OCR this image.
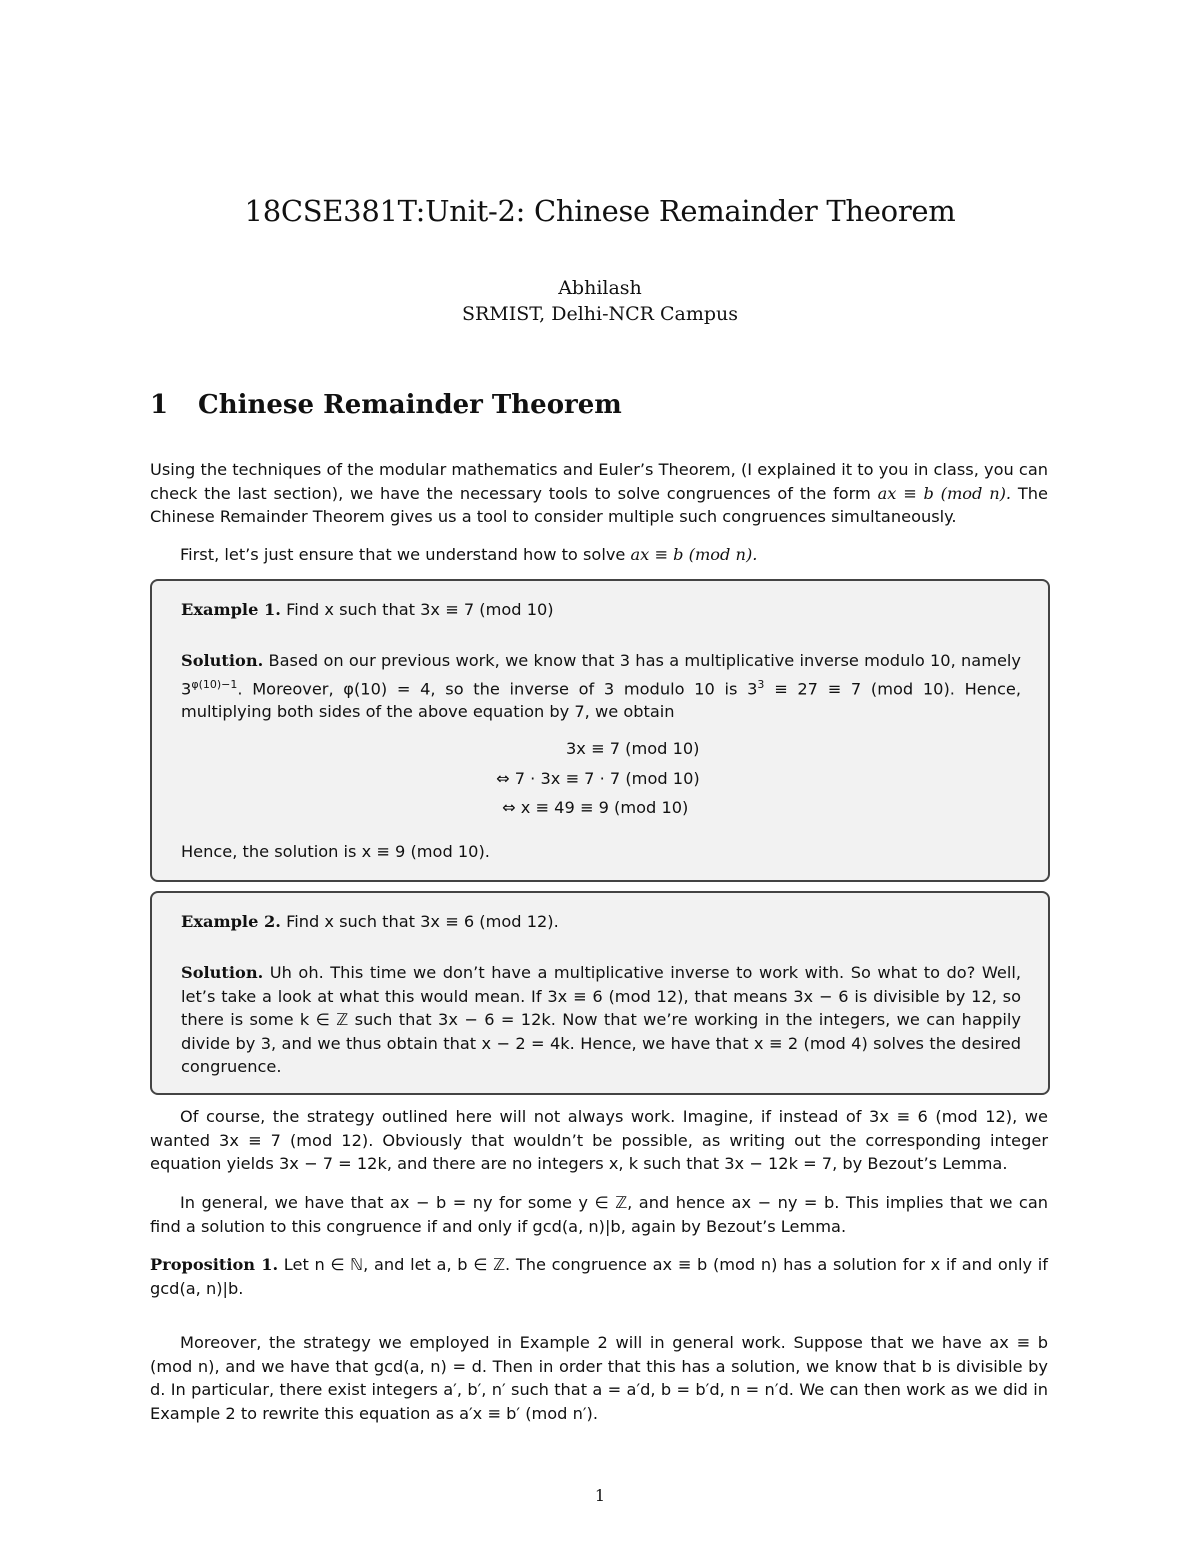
18CSE381T:Unit-2: Chinese Remainder Theorem
Abhilash
SRMIST, Delhi-NCR Campus
1 Chinese Remainder Theorem
Using the techniques of the modular mathematics and Euler’s Theorem, (I explained it to you in class, you can check the last section), we have the necessary tools to solve congruences of the form ax ≡ b (mod n). The Chinese Remainder Theorem gives us a tool to consider multiple such congruences simultaneously.
First, let’s just ensure that we understand how to solve ax ≡ b (mod n).
Example 1. Find x such that 3x ≡ 7 (mod 10)
Solution. Based on our previous work, we know that 3 has a multiplicative inverse modulo 10, namely $3^{\varphi(10)-1}$. Moreover, φ(10) = 4, so the inverse of 3 modulo 10 is $3^3 \equiv 27 \equiv 7$ (mod 10). Hence, multiplying both sides of the above equation by 7, we obtain
3x ≡ 7 (mod 10)
⇔ 7 · 3x ≡ 7 · 7 (mod 10)
⇔ x ≡ 49 ≡ 9 (mod 10)
Hence, the solution is x ≡ 9 (mod 10).
Example 2. Find x such that 3x ≡ 6 (mod 12).
Solution. Uh oh. This time we don’t have a multiplicative inverse to work with. So what to do? Well, let’s take a look at what this would mean. If 3x ≡ 6 (mod 12), that means 3x − 6 is divisible by 12, so there is some k ∈ ℤ such that 3x − 6 = 12k. Now that we’re working in the integers, we can happily divide by 3, and we thus obtain that x − 2 = 4k. Hence, we have that x ≡ 2 (mod 4) solves the desired congruence.
Of course, the strategy outlined here will not always work. Imagine, if instead of 3x ≡ 6 (mod 12), we wanted 3x ≡ 7 (mod 12). Obviously that wouldn’t be possible, as writing out the corresponding integer equation yields 3x − 7 = 12k, and there are no integers x, k such that 3x − 12k = 7, by Bezout’s Lemma.
In general, we have that ax − b = ny for some y ∈ ℤ, and hence ax − ny = b. This implies that we can find a solution to this congruence if and only if gcd(a, n)|b, again by Bezout’s Lemma.
Proposition 1. Let n ∈ ℕ, and let a, b ∈ ℤ. The congruence ax ≡ b (mod n) has a solution for x if and only if gcd(a, n)|b.
Moreover, the strategy we employed in Example 2 will in general work. Suppose that we have ax ≡ b (mod n), and we have that gcd(a, n) = d. Then in order that this has a solution, we know that b is divisible by d. In particular, there exist integers a′, b′, n′ such that a = a′d, b = b′d, n = n′d. We can then work as we did in Example 2 to rewrite this equation as a′x ≡ b′ (mod n′).
1
